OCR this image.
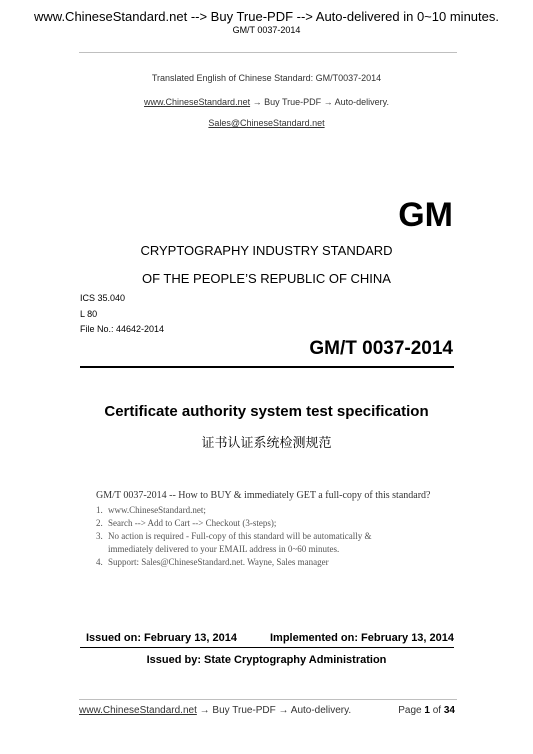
www.ChineseStandard.net --> Buy True-PDF --> Auto-delivered in 0~10 minutes.
GM/T 0037-2014
Translated English of Chinese Standard: GM/T0037-2014
www.ChineseStandard.net → Buy True-PDF → Auto-delivery.
Sales@ChineseStandard.net
GM
CRYPTOGRAPHY INDUSTRY STANDARD
OF THE PEOPLE’S REPUBLIC OF CHINA
ICS 35.040
L 80
File No.: 44642-2014
GM/T 0037-2014
Certificate authority system test specification
证书认证系统检测规范
GM/T 0037-2014 -- How to BUY & immediately GET a full-copy of this standard?
1. www.ChineseStandard.net;
2. Search --> Add to Cart --> Checkout (3-steps);
3. No action is required - Full-copy of this standard will be automatically &
immediately delivered to your EMAIL address in 0~60 minutes.
4. Support: Sales@ChineseStandard.net. Wayne, Sales manager
Issued on: February 13, 2014	Implemented on: February 13, 2014
Issued by: State Cryptography Administration
www.ChineseStandard.net → Buy True-PDF → Auto-delivery.	Page 1 of 34
